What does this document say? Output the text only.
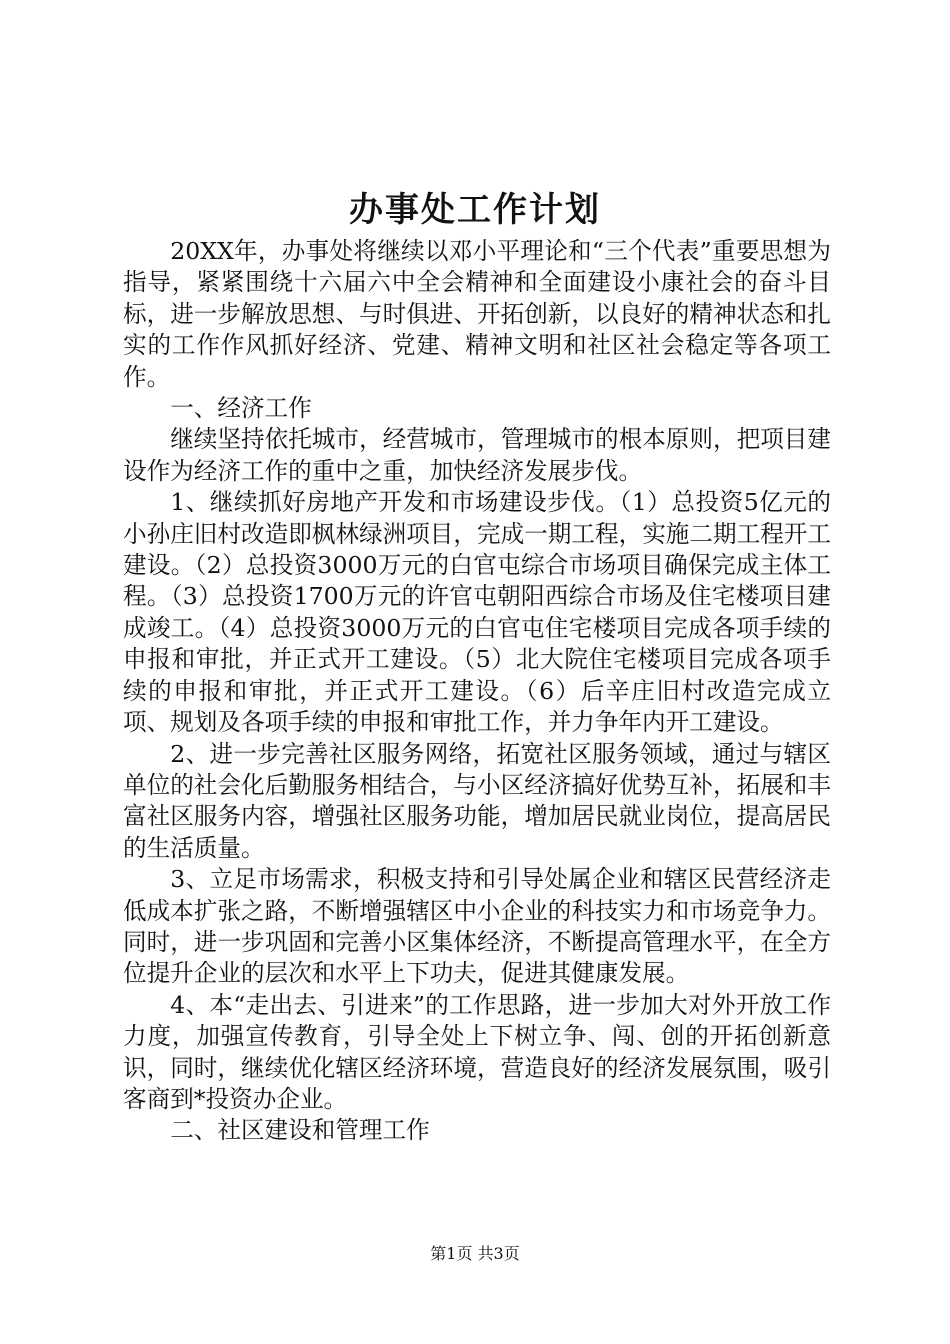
办事处工作计划

20XX年，办事处将继续以邓小平理论和“三个代表”重要思想为指导，紧紧围绕十六届六中全会精神和全面建设小康社会的奋斗目标，进一步解放思想、与时俱进、开拓创新，以良好的精神状态和扎实的工作作风抓好经济、党建、精神文明和社区社会稳定等各项工作。

一、经济工作

继续坚持依托城市，经营城市，管理城市的根本原则，把项目建设作为经济工作的重中之重，加快经济发展步伐。

1、继续抓好房地产开发和市场建设步伐。（1）总投资5亿元的小孙庄旧村改造即枫林绿洲项目，完成一期工程，实施二期工程开工建设。（2）总投资3000万元的白官屯综合市场项目确保完成主体工程。（3）总投资1700万元的许官屯朝阳西综合市场及住宅楼项目建成竣工。（4）总投资3000万元的白官屯住宅楼项目完成各项手续的申报和审批，并正式开工建设。（5）北大院住宅楼项目完成各项手续的申报和审批，并正式开工建设。（6）后辛庄旧村改造完成立项、规划及各项手续的申报和审批工作，并力争年内开工建设。

2、进一步完善社区服务网络，拓宽社区服务领域，通过与辖区单位的社会化后勤服务相结合，与小区经济搞好优势互补，拓展和丰富社区服务内容，增强社区服务功能，增加居民就业岗位，提高居民的生活质量。

3、立足市场需求，积极支持和引导处属企业和辖区民营经济走低成本扩张之路，不断增强辖区中小企业的科技实力和市场竞争力。同时，进一步巩固和完善小区集体经济，不断提高管理水平，在全方位提升企业的层次和水平上下功夫，促进其健康发展。

4、本“走出去、引进来”的工作思路，进一步加大对外开放工作力度，加强宣传教育，引导全处上下树立争、闯、创的开拓创新意识，同时，继续优化辖区经济环境，营造良好的经济发展氛围，吸引客商到*投资办企业。

二、社区建设和管理工作

第1页 共3页
